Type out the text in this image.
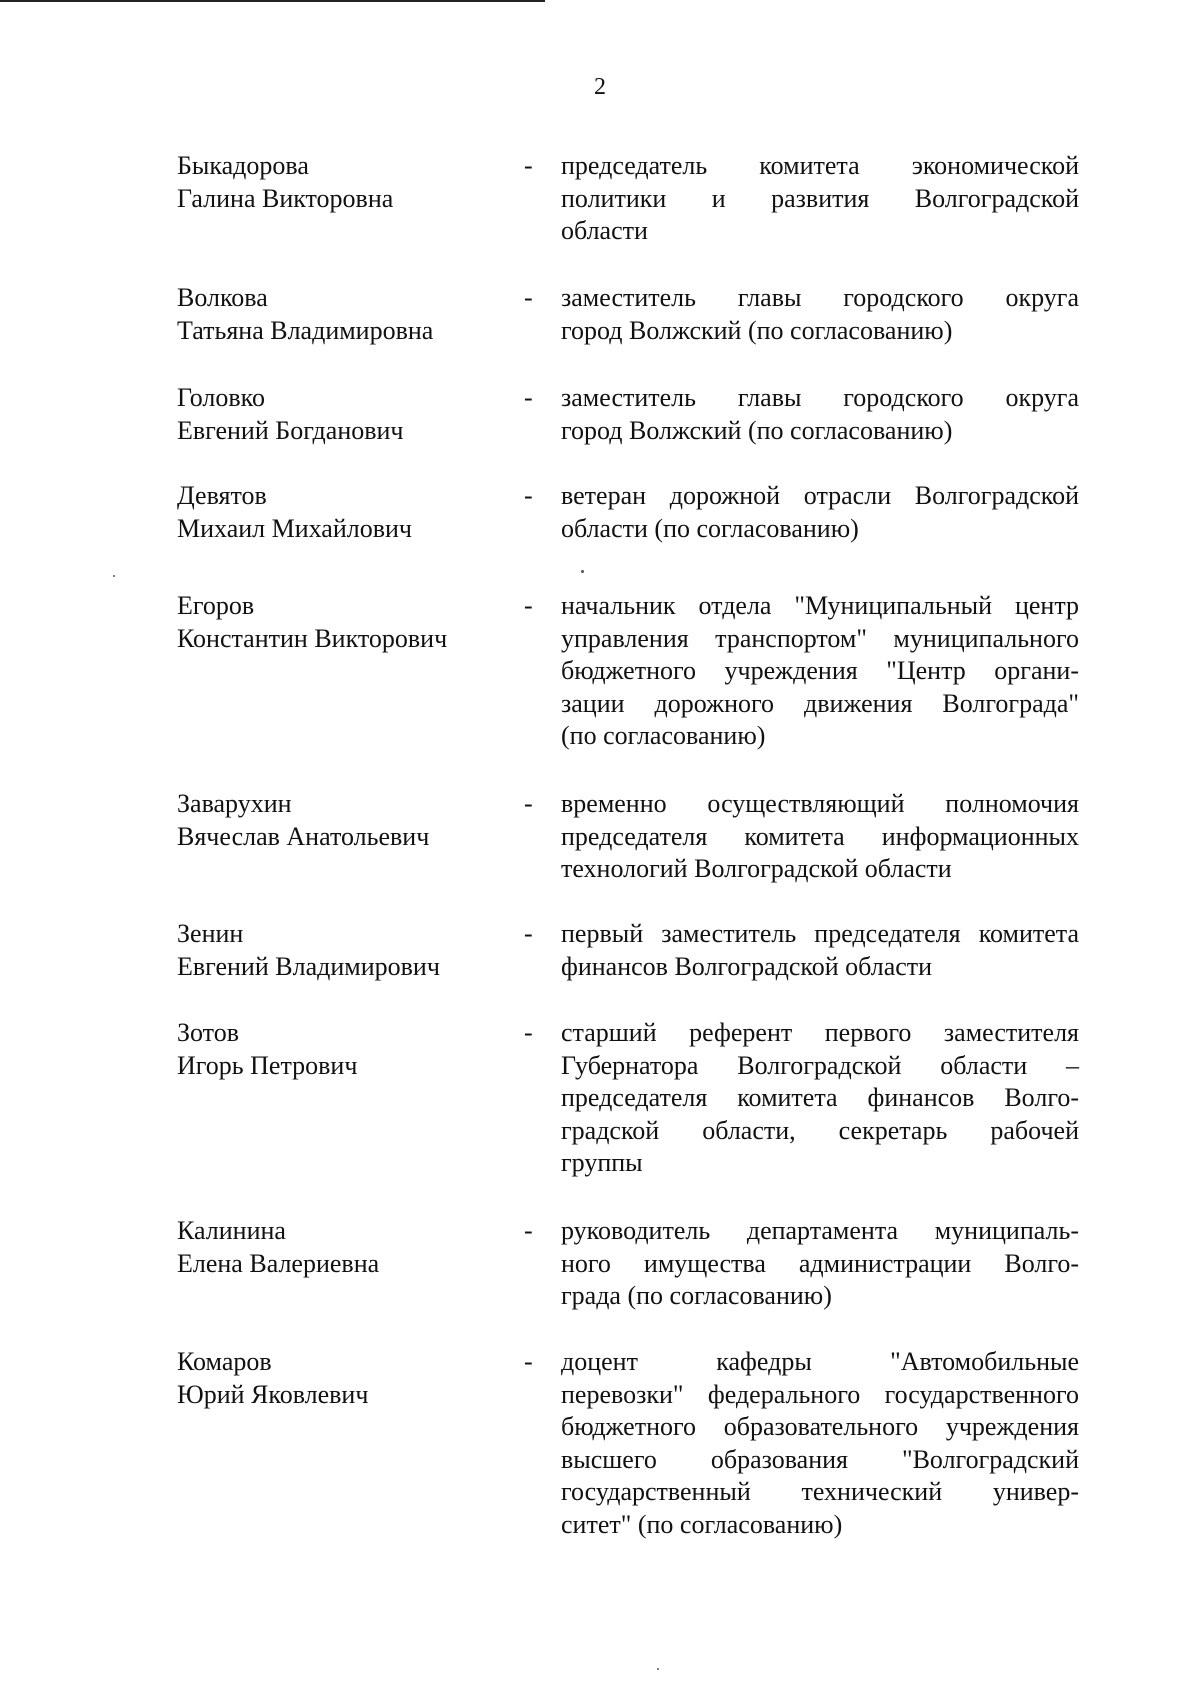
2
Быкадорова
Галина Викторовна
- председатель комитета экономической
политики и развития Волгоградской
области
Волкова
Татьяна Владимировна
- заместитель главы городского округа
город Волжский (по согласованию)
Головко
Евгений Богданович
- заместитель главы городского округа
город Волжский (по согласованию)
Девятов
Михаил Михайлович
- ветеран дорожной отрасли Волгоградской
области (по согласованию)
Егоров
Константин Викторович
- начальник отдела "Муниципальный центр
управления транспортом" муниципального
бюджетного учреждения "Центр органи-
зации дорожного движения Волгограда"
(по согласованию)
Заварухин
Вячеслав Анатольевич
- временно осуществляющий полномочия
председателя комитета информационных
технологий Волгоградской области
Зенин
Евгений Владимирович
- первый заместитель председателя комитета
финансов Волгоградской области
Зотов
Игорь Петрович
- старший референт первого заместителя
Губернатора Волгоградской области –
председателя комитета финансов Волго-
градской области, секретарь рабочей
группы
Калинина
Елена Валериевна
- руководитель департамента муниципаль-
ного имущества администрации Волго-
града (по согласованию)
Комаров
Юрий Яковлевич
- доцент кафедры "Автомобильные
перевозки" федерального государственного
бюджетного образовательного учреждения
высшего образования "Волгоградский
государственный технический универ-
ситет" (по согласованию)
